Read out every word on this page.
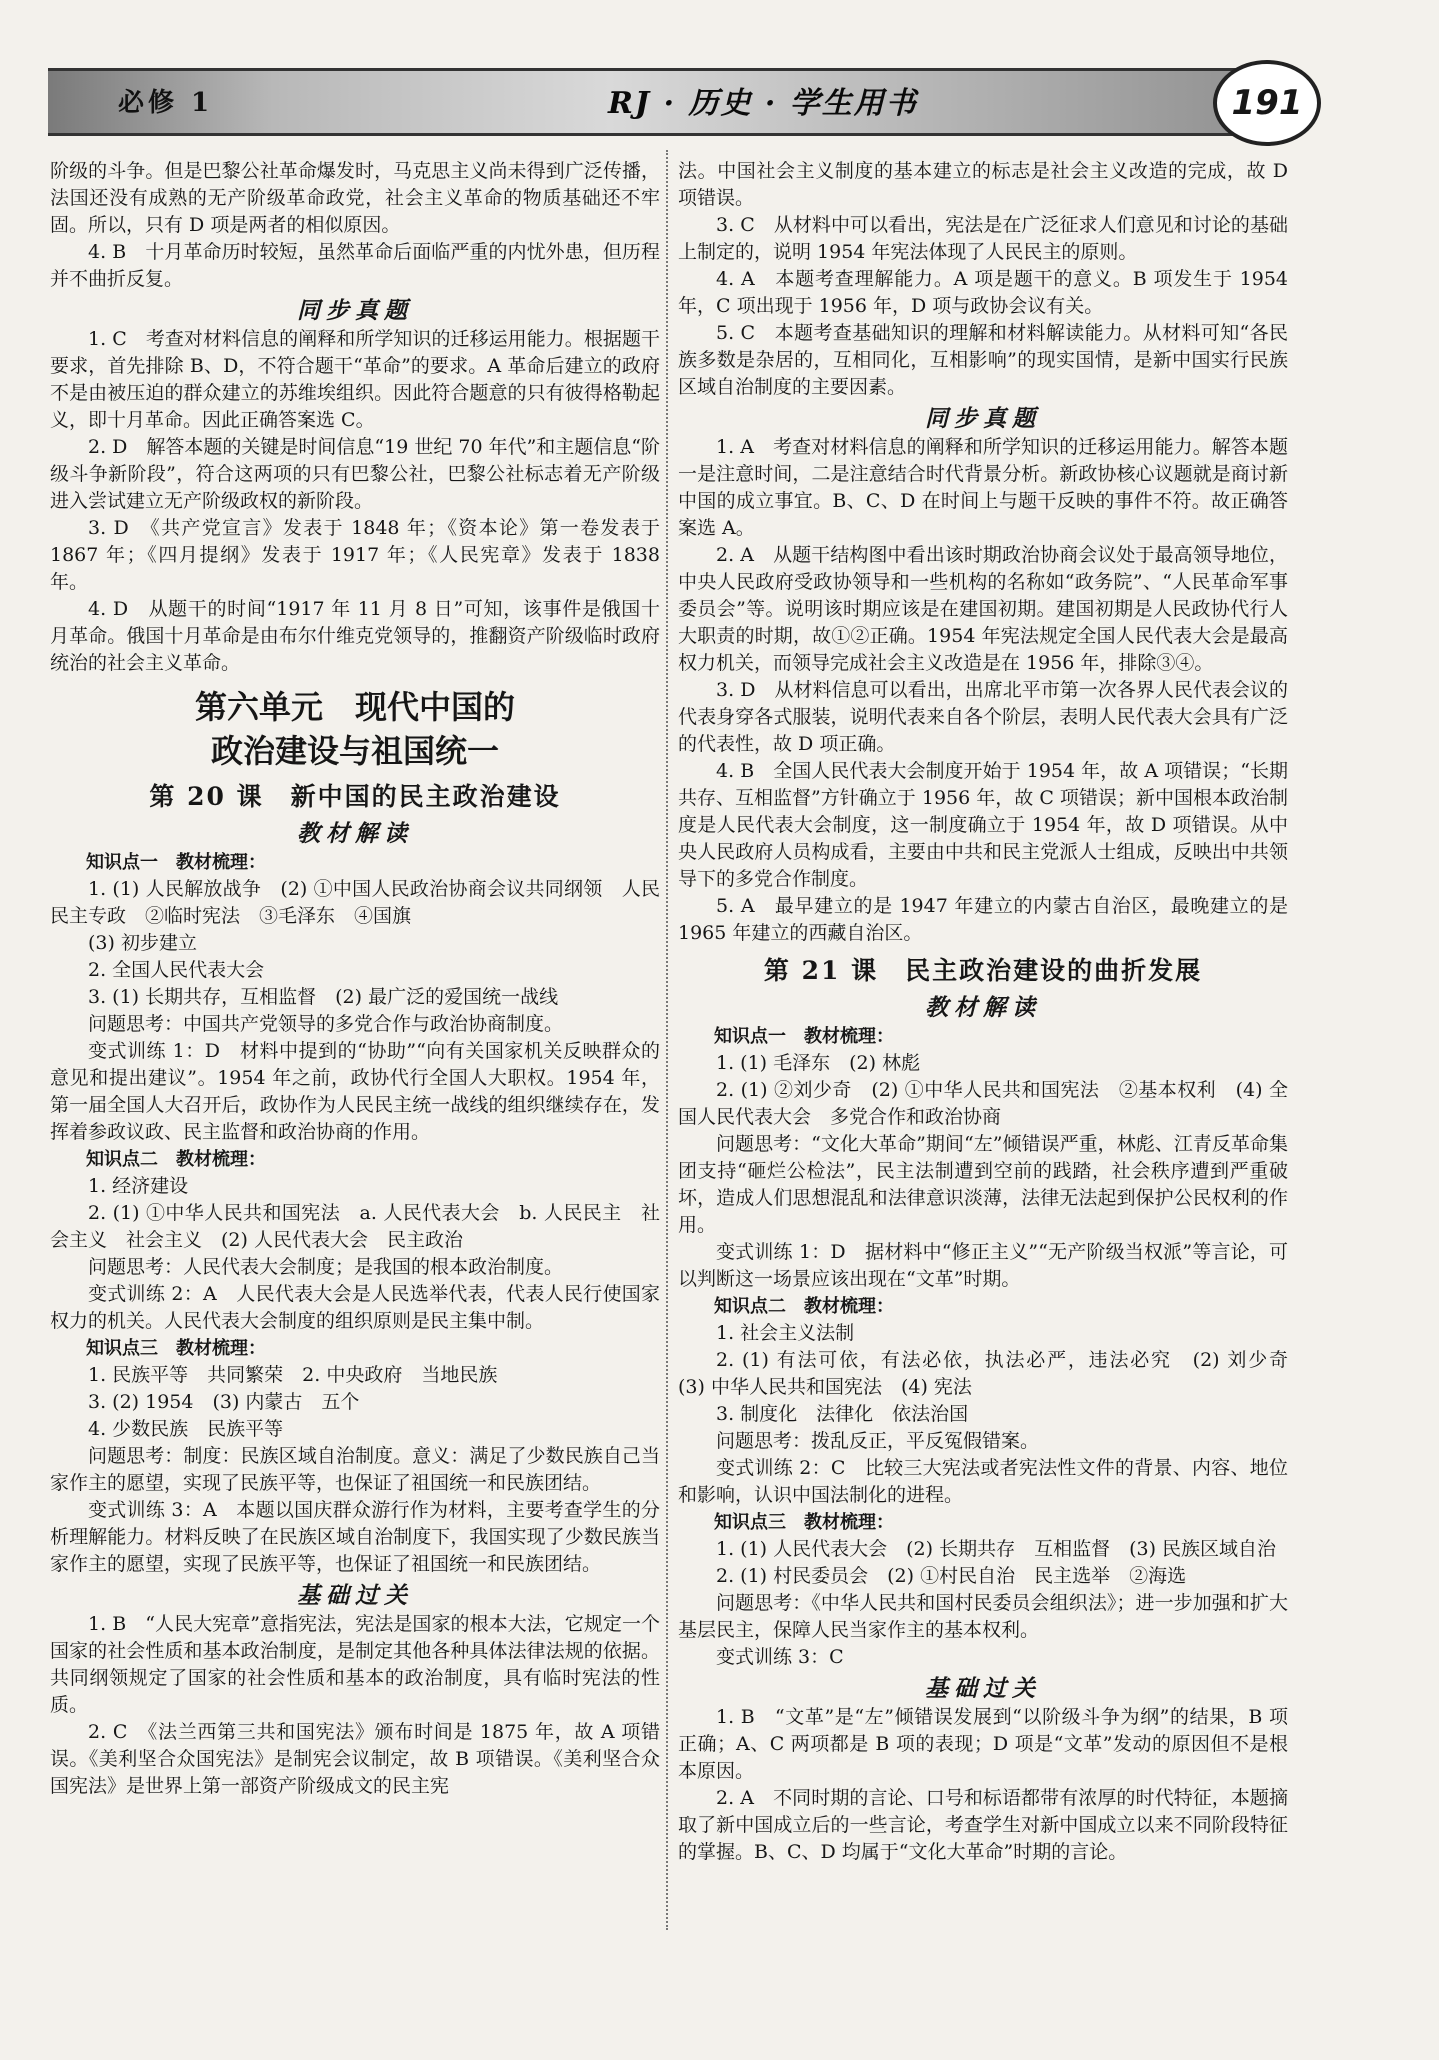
必修 1	RJ · 历史 · 学生用书	191

阶级的斗争。但是巴黎公社革命爆发时，马克思主义尚未得到广泛传播，法国还没有成熟的无产阶级革命政党，社会主义革命的物质基础还不牢固。所以，只有 D 项是两者的相似原因。

4. B　十月革命历时较短，虽然革命后面临严重的内忧外患，但历程并不曲折反复。

同步真题

1. C　考查对材料信息的阐释和所学知识的迁移运用能力。根据题干要求，首先排除 B、D，不符合题干“革命”的要求。A 革命后建立的政府不是由被压迫的群众建立的苏维埃组织。因此符合题意的只有彼得格勒起义，即十月革命。因此正确答案选 C。

2. D　解答本题的关键是时间信息“19 世纪 70 年代”和主题信息“阶级斗争新阶段”，符合这两项的只有巴黎公社，巴黎公社标志着无产阶级进入尝试建立无产阶级政权的新阶段。

3. D　《共产党宣言》发表于 1848 年；《资本论》第一卷发表于 1867 年；《四月提纲》发表于 1917 年；《人民宪章》发表于 1838 年。

4. D　从题干的时间“1917 年 11 月 8 日”可知，该事件是俄国十月革命。俄国十月革命是由布尔什维克党领导的，推翻资产阶级临时政府统治的社会主义革命。

第六单元　现代中国的
政治建设与祖国统一
第 20 课　新中国的民主政治建设
教材解读

知识点一　教材梳理：

1. (1) 人民解放战争　(2) ①中国人民政治协商会议共同纲领　人民民主专政　②临时宪法　③毛泽东　④国旗

(3) 初步建立

2. 全国人民代表大会

3. (1) 长期共存，互相监督　(2) 最广泛的爱国统一战线

问题思考：中国共产党领导的多党合作与政治协商制度。

变式训练 1：D　材料中提到的“协助”“向有关国家机关反映群众的意见和提出建议”。1954 年之前，政协代行全国人大职权。1954 年，第一届全国人大召开后，政协作为人民民主统一战线的组织继续存在，发挥着参政议政、民主监督和政治协商的作用。

知识点二　教材梳理：

1. 经济建设

2. (1) ①中华人民共和国宪法　a. 人民代表大会　b. 人民民主　社会主义　社会主义　(2) 人民代表大会　民主政治

问题思考：人民代表大会制度；是我国的根本政治制度。

变式训练 2：A　人民代表大会是人民选举代表，代表人民行使国家权力的机关。人民代表大会制度的组织原则是民主集中制。

知识点三　教材梳理：

1. 民族平等　共同繁荣　2. 中央政府　当地民族

3. (2) 1954　(3) 内蒙古　五个

4. 少数民族　民族平等

问题思考：制度：民族区域自治制度。意义：满足了少数民族自己当家作主的愿望，实现了民族平等，也保证了祖国统一和民族团结。

变式训练 3：A　本题以国庆群众游行作为材料，主要考查学生的分析理解能力。材料反映了在民族区域自治制度下，我国实现了少数民族当家作主的愿望，实现了民族平等，也保证了祖国统一和民族团结。

基础过关

1. B　“人民大宪章”意指宪法，宪法是国家的根本大法，它规定一个国家的社会性质和基本政治制度，是制定其他各种具体法律法规的依据。共同纲领规定了国家的社会性质和基本的政治制度，具有临时宪法的性质。

2. C　《法兰西第三共和国宪法》颁布时间是 1875 年，故 A 项错误。《美利坚合众国宪法》是制宪会议制定，故 B 项错误。《美利坚合众国宪法》是世界上第一部资产阶级成文的民主宪

法。中国社会主义制度的基本建立的标志是社会主义改造的完成，故 D 项错误。

3. C　从材料中可以看出，宪法是在广泛征求人们意见和讨论的基础上制定的，说明 1954 年宪法体现了人民民主的原则。

4. A　本题考查理解能力。A 项是题干的意义。B 项发生于 1954 年，C 项出现于 1956 年，D 项与政协会议有关。

5. C　本题考查基础知识的理解和材料解读能力。从材料可知“各民族多数是杂居的，互相同化，互相影响”的现实国情，是新中国实行民族区域自治制度的主要因素。

同步真题

1. A　考查对材料信息的阐释和所学知识的迁移运用能力。解答本题一是注意时间，二是注意结合时代背景分析。新政协核心议题就是商讨新中国的成立事宜。B、C、D 在时间上与题干反映的事件不符。故正确答案选 A。

2. A　从题干结构图中看出该时期政治协商会议处于最高领导地位，中央人民政府受政协领导和一些机构的名称如“政务院”、“人民革命军事委员会”等。说明该时期应该是在建国初期。建国初期是人民政协代行人大职责的时期，故①②正确。1954 年宪法规定全国人民代表大会是最高权力机关，而领导完成社会主义改造是在 1956 年，排除③④。

3. D　从材料信息可以看出，出席北平市第一次各界人民代表会议的代表身穿各式服装，说明代表来自各个阶层，表明人民代表大会具有广泛的代表性，故 D 项正确。

4. B　全国人民代表大会制度开始于 1954 年，故 A 项错误；“长期共存、互相监督”方针确立于 1956 年，故 C 项错误；新中国根本政治制度是人民代表大会制度，这一制度确立于 1954 年，故 D 项错误。从中央人民政府人员构成看，主要由中共和民主党派人士组成，反映出中共领导下的多党合作制度。

5. A　最早建立的是 1947 年建立的内蒙古自治区，最晚建立的是 1965 年建立的西藏自治区。

第 21 课　民主政治建设的曲折发展
教材解读

知识点一　教材梳理：

1. (1) 毛泽东　(2) 林彪

2. (1) ②刘少奇　(2) ①中华人民共和国宪法　②基本权利　(4) 全国人民代表大会　多党合作和政治协商

问题思考：“文化大革命”期间“左”倾错误严重，林彪、江青反革命集团支持“砸烂公检法”，民主法制遭到空前的践踏，社会秩序遭到严重破坏，造成人们思想混乱和法律意识淡薄，法律无法起到保护公民权利的作用。

变式训练 1：D　据材料中“修正主义”“无产阶级当权派”等言论，可以判断这一场景应该出现在“文革”时期。

知识点二　教材梳理：

1. 社会主义法制

2. (1) 有法可依，有法必依，执法必严，违法必究　(2) 刘少奇　(3) 中华人民共和国宪法　(4) 宪法

3. 制度化　法律化　依法治国

问题思考：拨乱反正，平反冤假错案。

变式训练 2：C　比较三大宪法或者宪法性文件的背景、内容、地位和影响，认识中国法制化的进程。

知识点三　教材梳理：

1. (1) 人民代表大会　(2) 长期共存　互相监督　(3) 民族区域自治

2. (1) 村民委员会　(2) ①村民自治　民主选举　②海选

问题思考：《中华人民共和国村民委员会组织法》；进一步加强和扩大基层民主，保障人民当家作主的基本权利。

变式训练 3：C

基础过关

1. B　“文革”是“左”倾错误发展到“以阶级斗争为纲”的结果，B 项正确；A、C 两项都是 B 项的表现；D 项是“文革”发动的原因但不是根本原因。

2. A　不同时期的言论、口号和标语都带有浓厚的时代特征，本题摘取了新中国成立后的一些言论，考查学生对新中国成立以来不同阶段特征的掌握。B、C、D 均属于“文化大革命”时期的言论。
